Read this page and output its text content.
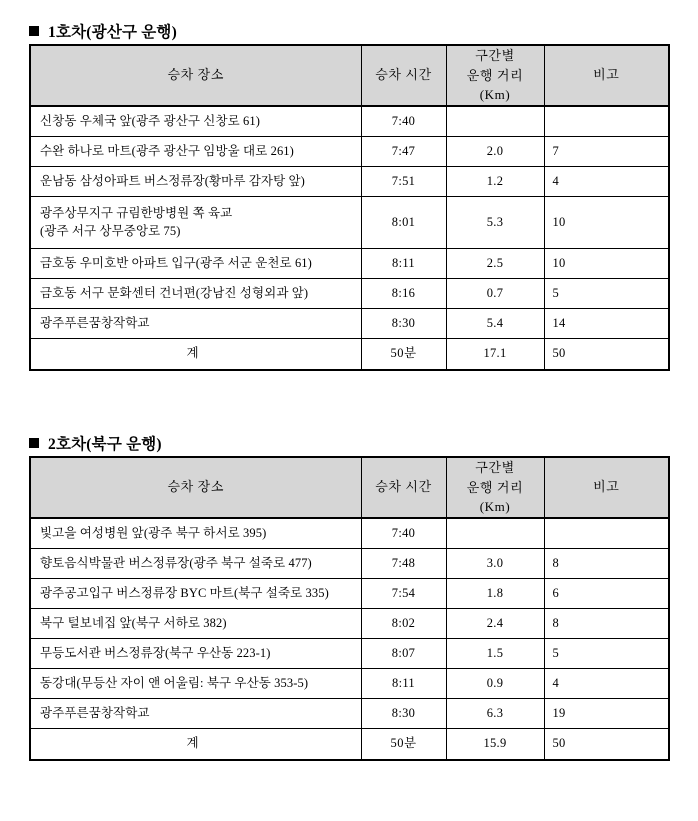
1호차(광산구 운행)
승차 장소	승차 시간	구간별
운행 거리(Km)	비고
신창동 우체국 앞(광주 광산구 신창로 61)	7:40		
수완 하나로 마트(광주 광산구 임방울 대로 261)	7:47	2.0	7
운남동 삼성아파트 버스정류장(황마루 감자탕 앞)	7:51	1.2	4
광주상무지구 규림한방병원 쪽 육교
(광주 서구 상무중앙로 75)	8:01	5.3	10
금호동 우미호반 아파트 입구(광주 서군 운천로 61)	8:11	2.5	10
금호동 서구 문화센터 건너편(강남진 성형외과 앞)	8:16	0.7	5
광주푸른꿈창작학교	8:30	5.4	14
계	50분	17.1	50
2호차(북구 운행)
승차 장소	승차 시간	구간별
운행 거리(Km)	비고
빛고을 여성병원 앞(광주 북구 하서로 395)	7:40		
향토음식박물관 버스정류장(광주 북구 설죽로 477)	7:48	3.0	8
광주공고입구 버스정류장 BYC 마트(북구 설죽로 335)	7:54	1.8	6
북구 털보네집 앞(북구 서하로 382)	8:02	2.4	8
무등도서관 버스정류장(북구 우산동 223-1)	8:07	1.5	5
동강대(무등산 자이 앤 어울림: 북구 우산동 353-5)	8:11	0.9	4
광주푸른꿈창작학교	8:30	6.3	19
계	50분	15.9	50
